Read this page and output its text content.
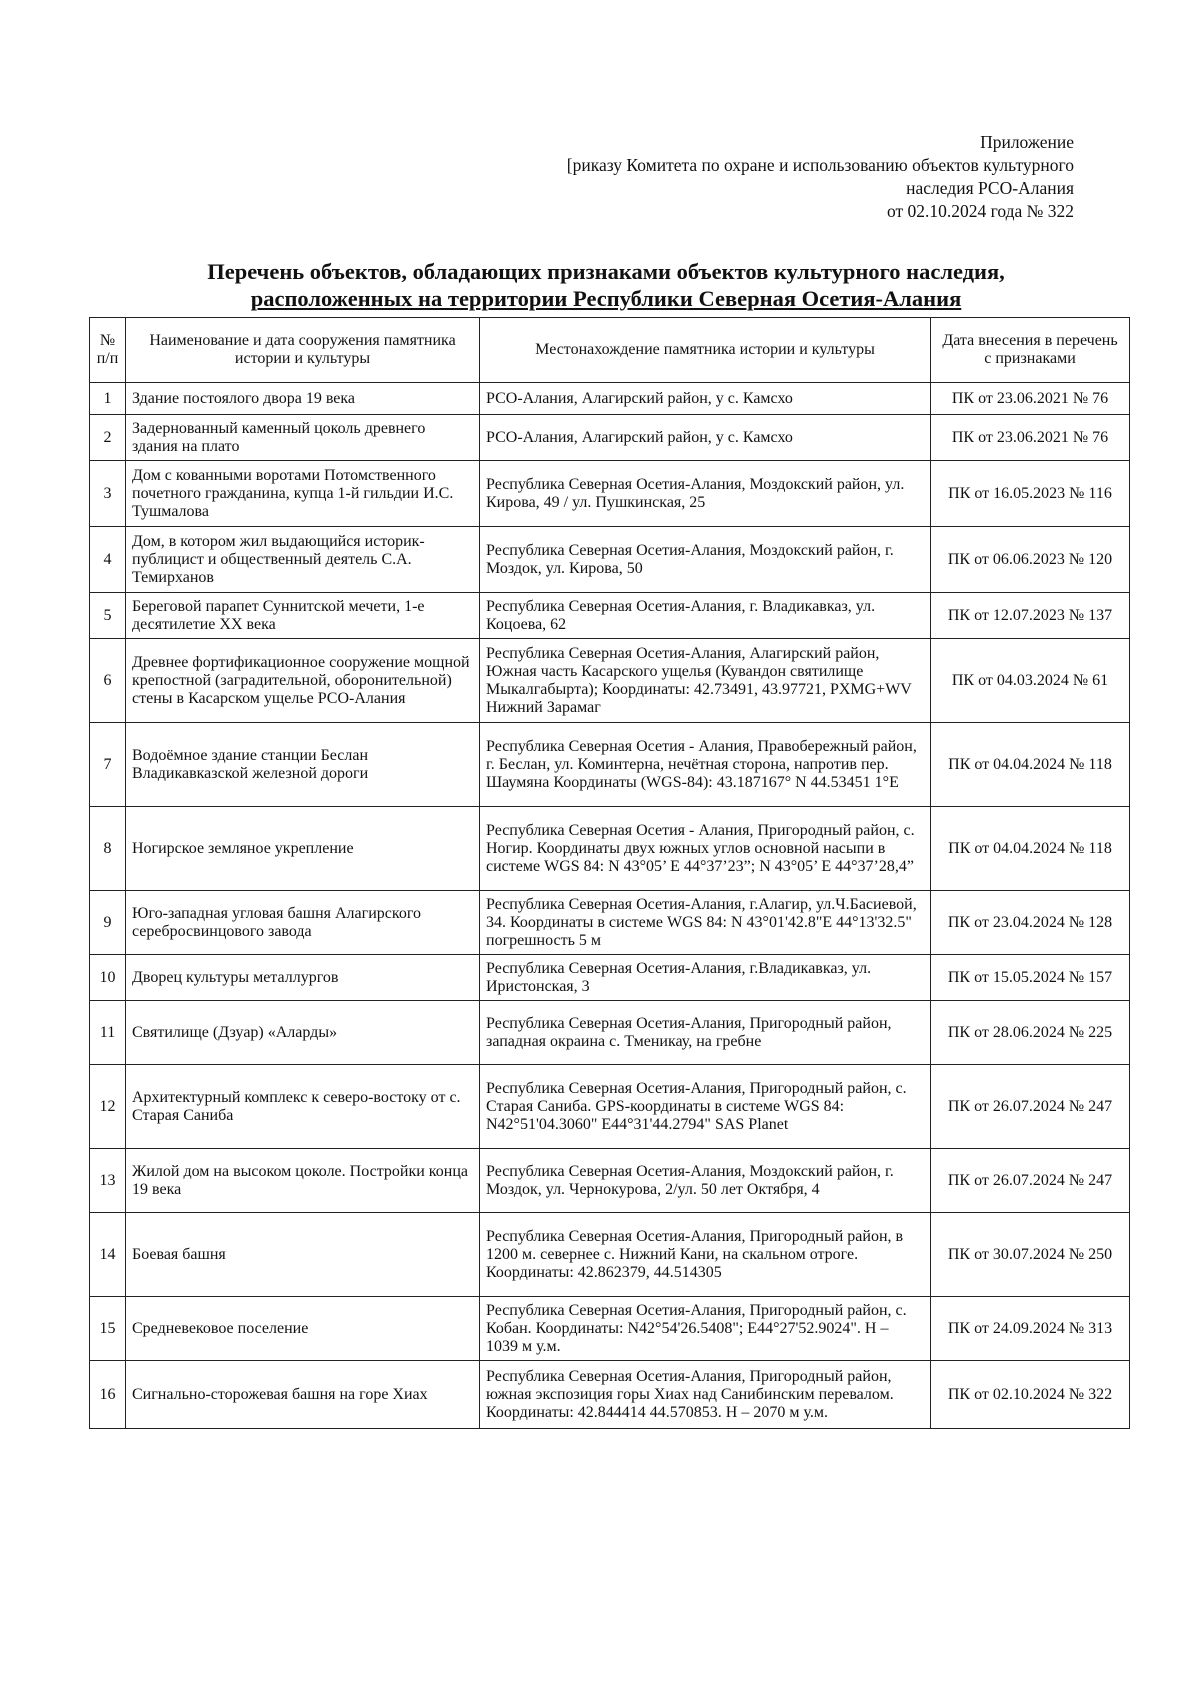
Приложение
[риказу Комитета по охране и использованию объектов культурного
наследия РСО-Алания
от 02.10.2024 года № 322
Перечень объектов, обладающих признаками объектов культурного наследия,
расположенных на территории Республики Северная Осетия-Алания
№ п/п	Наименование и дата сооружения памятника истории и культуры	Местонахождение памятника истории и культуры	Дата внесения в перечень с признаками
1	Здание постоялого двора 19 века	РСО-Алания, Алагирский район, у с. Камсхо	ПК от 23.06.2021 № 76
2	Задернованный каменный цоколь древнего здания на плато	РСО-Алания, Алагирский район, у с. Камсхо	ПК от 23.06.2021 № 76
3	Дом с кованными воротами Потомственного почетного гражданина, купца 1-й гильдии И.С. Тушмалова	Республика Северная Осетия-Алания, Моздокский район, ул. Кирова, 49 / ул. Пушкинская, 25	ПК от 16.05.2023 № 116
4	Дом, в котором жил выдающийся историк-публицист и общественный деятель С.А. Темирханов	Республика Северная Осетия-Алания, Моздокский район, г. Моздок, ул. Кирова, 50	ПК от 06.06.2023 № 120
5	Береговой парапет Суннитской мечети, 1-е десятилетие XX века	Республика Северная Осетия-Алания, г. Владикавказ, ул. Коцоева, 62	ПК от 12.07.2023 № 137
6	Древнее фортификационное сооружение мощной крепостной (заградительной, оборонительной) стены в Касарском ущелье РСО-Алания	Республика Северная Осетия-Алания, Алагирский район, Южная часть Касарского ущелья (Кувандон святилище Мыкалгабырта); Координаты: 42.73491, 43.97721, PXMG+WV Нижний Зарамаг	ПК от 04.03.2024 № 61
7	Водоёмное здание станции Беслан Владикавказской железной дороги	Республика Северная Осетия - Алания, Правобережный район, г. Беслан, ул. Коминтерна, нечётная сторона, напротив пер. Шаумяна Координаты (WGS-84): 43.187167° N 44.53451 1°E	ПК от 04.04.2024 № 118
8	Ногирское земляное укрепление	Республика Северная Осетия - Алания, Пригородный район, с. Ногир. Координаты двух южных углов основной насыпи в системе WGS 84: N 43°05’ E 44°37’23”; N 43°05’ E 44°37’28,4”	ПК от 04.04.2024 № 118
9	Юго-западная угловая башня Алагирского серебросвинцового завода	Республика Северная Осетия-Алания, г.Алагир, ул.Ч.Басиевой, 34. Координаты в системе WGS 84: N 43°01'42.8"E 44°13'32.5" погрешность 5 м	ПК от 23.04.2024 № 128
10	Дворец культуры металлургов	Республика Северная Осетия-Алания, г.Владикавказ, ул. Иристонская, 3	ПК от 15.05.2024 № 157
11	Святилище (Дзуар) «Аларды»	Республика Северная Осетия-Алания, Пригородный район, западная окраина с. Тменикау, на гребне	ПК от 28.06.2024 № 225
12	Архитектурный комплекс к северо-востоку от с. Старая Саниба	Республика Северная Осетия-Алания, Пригородный район, с. Старая Саниба. GPS-координаты в системе WGS 84: N42°51'04.3060" E44°31'44.2794" SAS Planet	ПК от 26.07.2024 № 247
13	Жилой дом на высоком цоколе. Постройки конца 19 века	Республика Северная Осетия-Алания, Моздокский район, г. Моздок, ул. Чернокурова, 2/ул. 50 лет Октября, 4	ПК от 26.07.2024 № 247
14	Боевая башня	Республика Северная Осетия-Алания, Пригородный район, в 1200 м. севернее с. Нижний Кани, на скальном отроге. Координаты: 42.862379, 44.514305	ПК от 30.07.2024 № 250
15	Средневековое поселение	Республика Северная Осетия-Алания, Пригородный район, с. Кобан. Координаты: N42°54'26.5408"; E44°27'52.9024". H – 1039 м у.м.	ПК от 24.09.2024 № 313
16	Сигнально-сторожевая башня на горе Хиах	Республика Северная Осетия-Алания, Пригородный район, южная экспозиция горы Хиах над Санибинским перевалом. Координаты: 42.844414 44.570853. H – 2070 м у.м.	ПК от 02.10.2024 № 322
